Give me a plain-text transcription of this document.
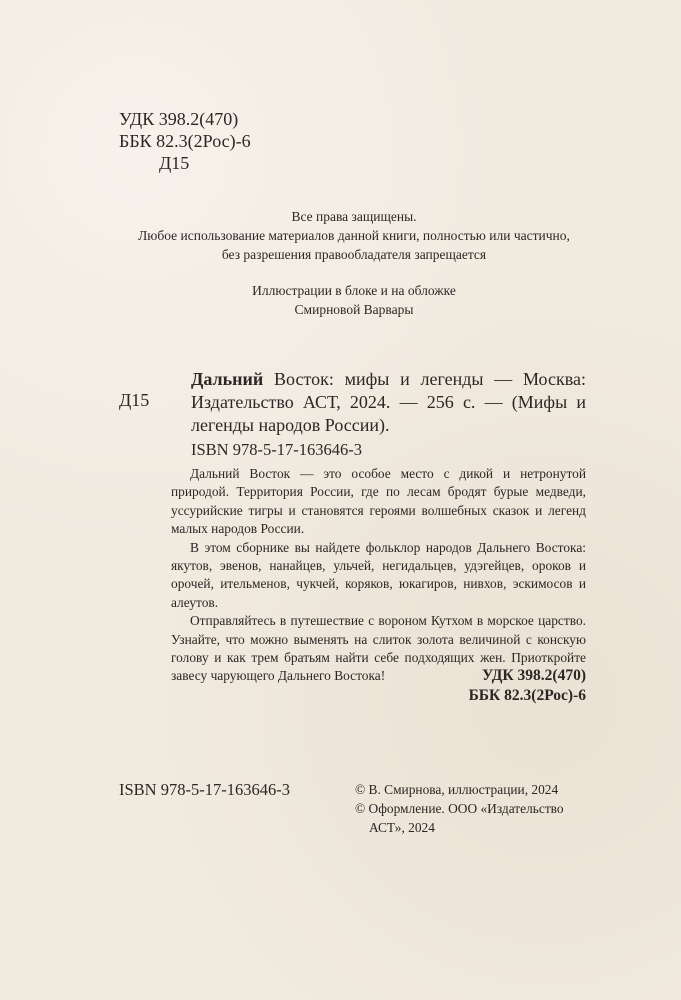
УДК 398.2(470)
ББК 82.3(2Рос)-6
Д15
Все права защищены.
Любое использование материалов данной книги, полностью или частично,
без разрешения правообладателя запрещается
Иллюстрации в блоке и на обложке
Смирновой Варвары
Д15
Дальний Восток: мифы и легенды — Москва: Издательство АСТ, 2024. — 256 с. — (Мифы и легенды народов России).
ISBN 978-5-17-163646-3

Дальний Восток — это особое место с дикой и нетронутой природой. Территория России, где по лесам бродят бурые медведи, уссурийские тигры и становятся героями волшебных сказок и легенд малых народов России.

В этом сборнике вы найдете фольклор народов Дальнего Востока: якутов, эвенов, нанайцев, ульчей, негидальцев, удэгейцев, ороков и орочей, ительменов, чукчей, коряков, юкагиров, нивхов, эскимосов и алеутов.

Отправляйтесь в путешествие с вороном Кутхом в морское царство. Узнайте, что можно выменять на слиток золота величиной с конскую голову и как трем братьям найти себе подходящих жен. Приоткройте завесу чарующего Дальнего Востока!	УДК 398.2(470)
ББК 82.3(2Рос)-6
ISBN 978-5-17-163646-3	© В. Смирнова, иллюстрации, 2024
© Оформление. ООО «Издательство АСТ», 2024
